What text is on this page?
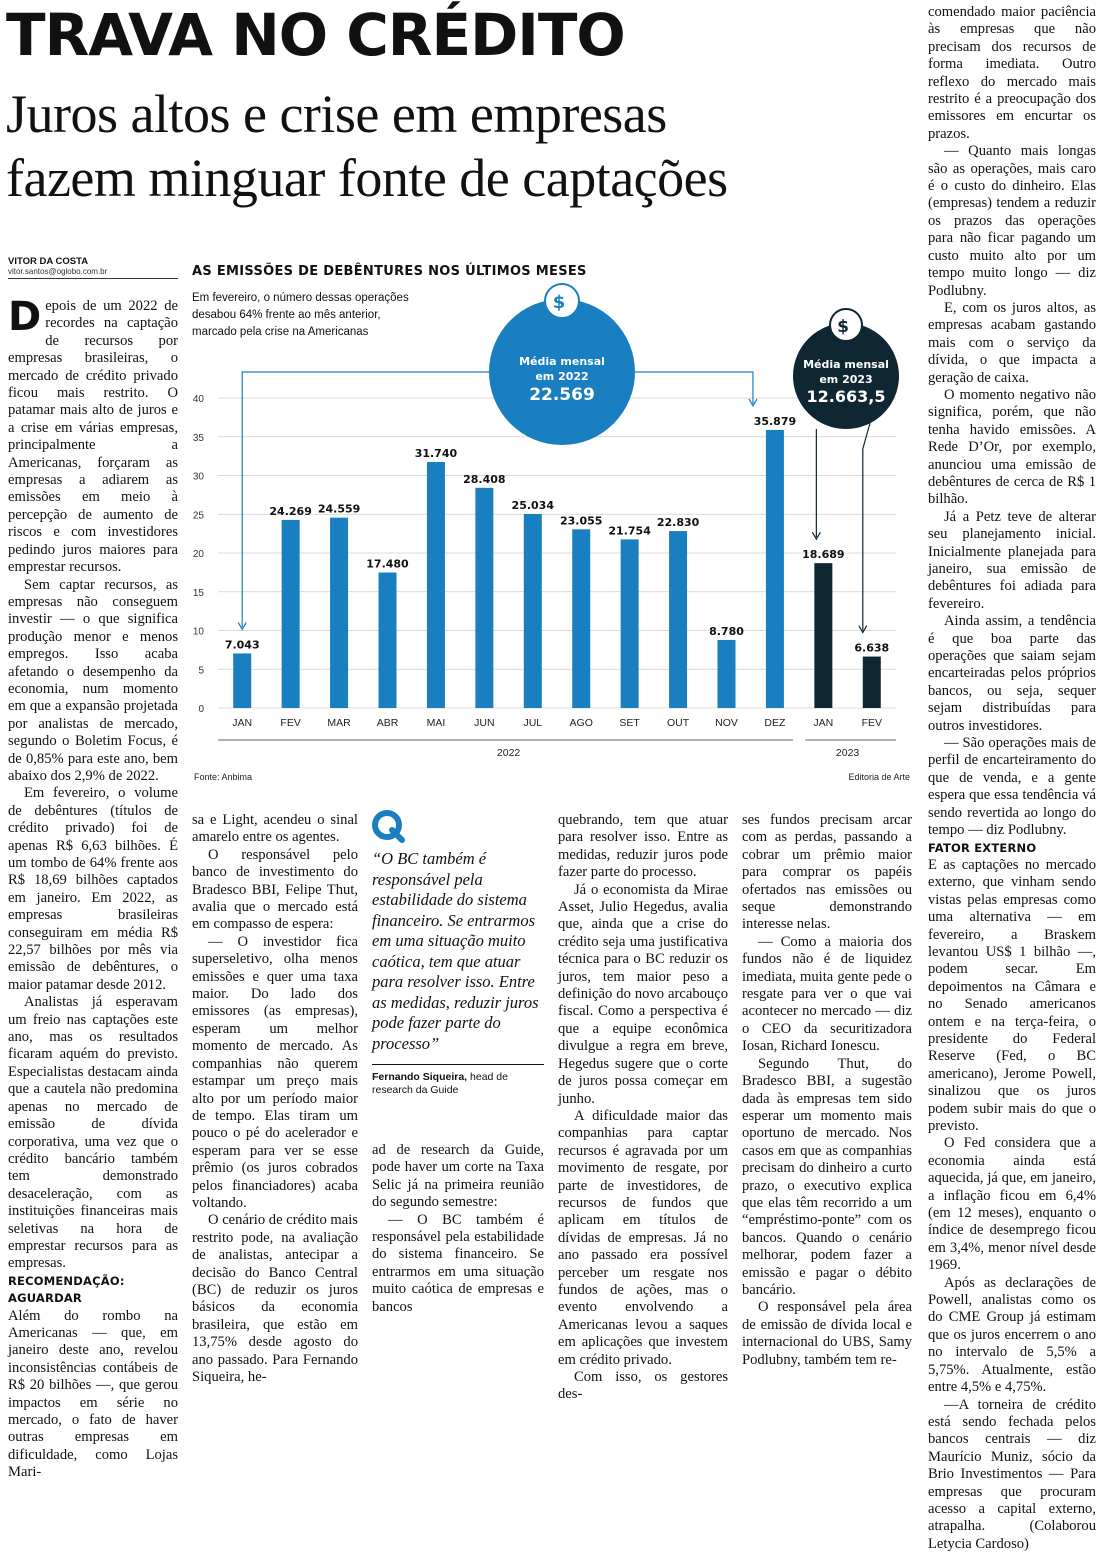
TRAVA NO CRÉDITO
Juros altos e crise em empresas
fazem minguar fonte de captações
VITOR DA COSTA
vitor.santos@oglobo.com.br	AS EMISSÕES DE DEBÊNTURES NOS ÚLTIMOS MESES
Em fevereiro, o número dessas operações desabou 64% frente ao mês anterior, marcado pela crise na Americanas
0
5
10
15
20
25
30
35
40
7.043
JAN
24.269
FEV
24.559
MAR
17.480
ABR
31.740
MAI
28.408
JUN
25.034
JUL
23.055
AGO
21.754
SET
22.830
OUT
8.780
NOV
35.879
DEZ
18.689
JAN
6.638
FEV
2022	2023
Fonte: Anbima	Editoria de Arte
Média mensal
em 2022
22.569
$
Média mensal
em 2023
12.663,5
$

Depois de um 2022 de recordes na captação de recursos por empresas brasileiras, o mercado de crédito privado ficou mais restrito. O patamar mais alto de juros e a crise em várias empresas, principalmente a Americanas, forçaram as empresas a adiarem as emissões em meio à percepção de aumento de riscos e com investidores pedindo juros maiores para emprestar recursos.

Sem captar recursos, as empresas não conseguem investir — o que significa produção menor e menos empregos. Isso acaba afetando o desempenho da economia, num momento em que a expansão projetada por analistas de mercado, segundo o Boletim Focus, é de 0,85% para este ano, bem abaixo dos 2,9% de 2022.

Em fevereiro, o volume de debêntures (títulos de crédito privado) foi de apenas R$ 6,63 bilhões. É um tombo de 64% frente aos R$ 18,69 bilhões captados em janeiro. Em 2022, as empresas brasileiras conseguiram em média R$ 22,57 bilhões por mês via emissão de debêntures, o maior patamar desde 2012.

Analistas já esperavam um freio nas captações este ano, mas os resultados ficaram aquém do previsto. Especialistas destacam ainda que a cautela não predomina apenas no mercado de emissão de dívida corporativa, uma vez que o crédito bancário também tem demonstrado desaceleração, com as instituições financeiras mais seletivas na hora de emprestar recursos para as empresas.

RECOMENDAÇÃO: AGUARDAR

Além do rombo na Americanas — que, em janeiro deste ano, revelou inconsistências contábeis de R$ 20 bilhões —, que gerou impactos em série no mercado, o fato de haver outras empresas em dificuldade, como Lojas Mari-

sa e Light, acendeu o sinal amarelo entre os agentes.

O responsável pelo banco de investimento do Bradesco BBI, Felipe Thut, avalia que o mercado está em compasso de espera:

— O investidor fica superseletivo, olha menos emissões e quer uma taxa maior. Do lado dos emissores (as empresas), esperam um melhor momento de mercado. As companhias não querem estampar um preço mais alto por um período maior de tempo. Elas tiram um pouco o pé do acelerador e esperam para ver se esse prêmio (os juros cobrados pelos financiadores) acaba voltando.

O cenário de crédito mais restrito pode, na avaliação de analistas, antecipar a decisão do Banco Central (BC) de reduzir os juros básicos da economia brasileira, que estão em 13,75% desde agosto do ano passado. Para Fernando Siqueira, he-

“O BC também é responsável pela estabilidade do sistema financeiro. Se entrarmos em uma situação muito caótica, tem que atuar para resolver isso. Entre as medidas, reduzir juros pode fazer parte do processo”
Fernando Siqueira, head de research da Guide

ad de research da Guide, pode haver um corte na Taxa Selic já na primeira reunião do segundo semestre:

— O BC também é responsável pela estabilidade do sistema financeiro. Se entrarmos em uma situação muito caótica de empresas e bancos

quebrando, tem que atuar para resolver isso. Entre as medidas, reduzir juros pode fazer parte do processo.

Já o economista da Mirae Asset, Julio Hegedus, avalia que, ainda que a crise do crédito seja uma justificativa técnica para o BC reduzir os juros, tem maior peso a definição do novo arcabouço fiscal. Como a perspectiva é que a equipe econômica divulgue a regra em breve, Hegedus sugere que o corte de juros possa começar em junho.

A dificuldade maior das companhias para captar recursos é agravada por um movimento de resgate, por parte de investidores, de recursos de fundos que aplicam em títulos de dívidas de empresas. Já no ano passado era possível perceber um resgate nos fundos de ações, mas o evento envolvendo a Americanas levou a saques em aplicações que investem em crédito privado.

Com isso, os gestores des-

ses fundos precisam arcar com as perdas, passando a cobrar um prêmio maior para comprar os papéis ofertados nas emissões ou seque demonstrando interesse nelas.

— Como a maioria dos fundos não é de liquidez imediata, muita gente pede o resgate para ver o que vai acontecer no mercado — diz o CEO da securitizadora Iosan, Richard Ionescu.

Segundo Thut, do Bradesco BBI, a sugestão dada às empresas tem sido esperar um momento mais oportuno de mercado. Nos casos em que as companhias precisam do dinheiro a curto prazo, o executivo explica que elas têm recorrido a um “empréstimo-ponte” com os bancos. Quando o cenário melhorar, podem fazer a emissão e pagar o débito bancário.

O responsável pela área de emissão de dívida local e internacional do UBS, Samy Podlubny, também tem re-

comendado maior paciência às empresas que não precisam dos recursos de forma imediata. Outro reflexo do mercado mais restrito é a preocupação dos emissores em encurtar os prazos.

— Quanto mais longas são as operações, mais caro é o custo do dinheiro. Elas (empresas) tendem a reduzir os prazos das operações para não ficar pagando um custo muito alto por um tempo muito longo — diz Podlubny.

E, com os juros altos, as empresas acabam gastando mais com o serviço da dívida, o que impacta a geração de caixa.

O momento negativo não significa, porém, que não tenha havido emissões. A Rede D’Or, por exemplo, anunciou uma emissão de debêntures de cerca de R$ 1 bilhão.

Já a Petz teve de alterar seu planejamento inicial. Inicialmente planejada para janeiro, sua emissão de debêntures foi adiada para fevereiro.

Ainda assim, a tendência é que boa parte das operações que saiam sejam encarteiradas pelos próprios bancos, ou seja, sequer sejam distribuídas para outros investidores.

— São operações mais de perfil de encarteiramento do que de venda, e a gente espera que essa tendência vá sendo revertida ao longo do tempo — diz Podlubny.

FATOR EXTERNO

E as captações no mercado externo, que vinham sendo vistas pelas empresas como uma alternativa — em fevereiro, a Braskem levantou US$ 1 bilhão —, podem secar. Em depoimentos na Câmara e no Senado americanos ontem e na terça-feira, o presidente do Federal Reserve (Fed, o BC americano), Jerome Powell, sinalizou que os juros podem subir mais do que o previsto.

O Fed considera que a economia ainda está aquecida, já que, em janeiro, a inflação ficou em 6,4% (em 12 meses), enquanto o índice de desemprego ficou em 3,4%, menor nível desde 1969.

Após as declarações de Powell, analistas como os do CME Group já estimam que os juros encerrem o ano no intervalo de 5,5% a 5,75%. Atualmente, estão entre 4,5% e 4,75%.

—A torneira de crédito está sendo fechada pelos bancos centrais — diz Maurício Muniz, sócio da Brio Investimentos — Para empresas que procuram acesso a capital externo, atrapalha. (Colaborou Letycia Cardoso)
